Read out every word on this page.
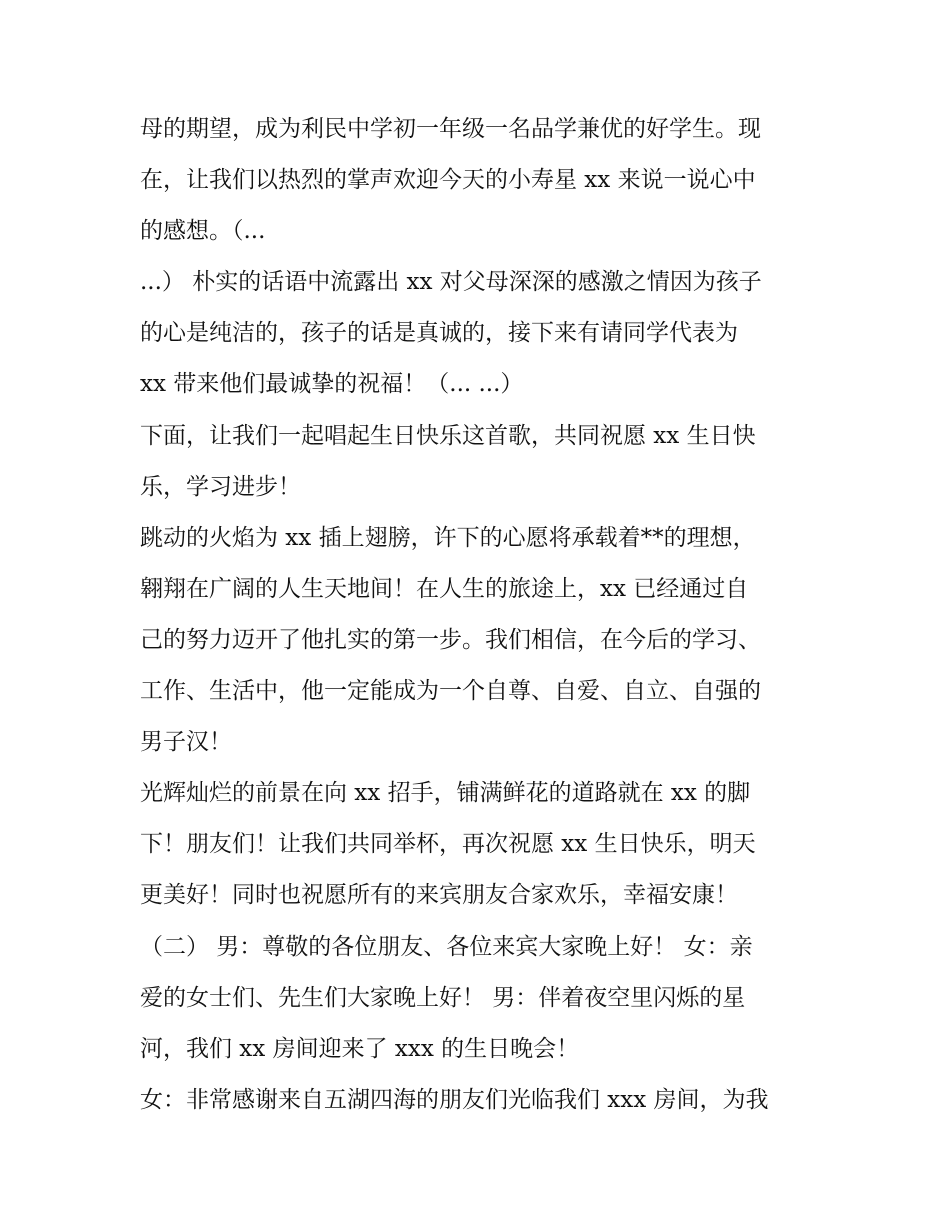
母的期望，成为利民中学初一年级一名品学兼优的好学生。现
在，让我们以热烈的掌声欢迎今天的小寿星 xx 来说一说心中
的感想。（...
...） 朴实的话语中流露出 xx 对父母深深的感激之情因为孩子
的心是纯洁的，孩子的话是真诚的，接下来有请同学代表为
xx 带来他们最诚挚的祝福！（... ...）
下面，让我们一起唱起生日快乐这首歌，共同祝愿 xx 生日快
乐，学习进步！
跳动的火焰为 xx 插上翅膀，许下的心愿将承载着**的理想，
翱翔在广阔的人生天地间！在人生的旅途上，xx 已经通过自
己的努力迈开了他扎实的第一步。我们相信，在今后的学习、
工作、生活中，他一定能成为一个自尊、自爱、自立、自强的
男子汉！
光辉灿烂的前景在向 xx 招手，铺满鲜花的道路就在 xx 的脚
下！朋友们！让我们共同举杯，再次祝愿 xx 生日快乐，明天
更美好！同时也祝愿所有的来宾朋友合家欢乐，幸福安康！
（二） 男：尊敬的各位朋友、各位来宾大家晚上好！ 女：亲
爱的女士们、先生们大家晚上好！ 男：伴着夜空里闪烁的星
河，我们 xx 房间迎来了 xxx 的生日晚会！
女：非常感谢来自五湖四海的朋友们光临我们 xxx 房间，为我
